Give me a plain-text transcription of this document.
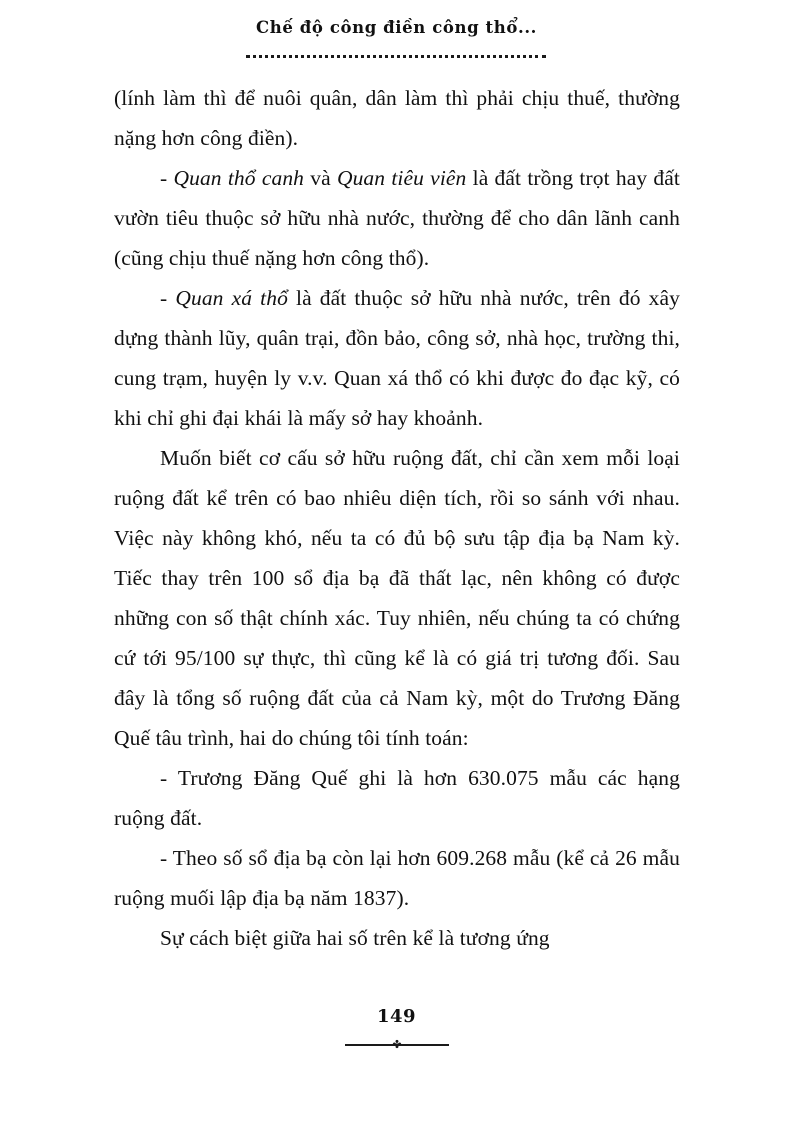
Chế độ công điền công thổ...

(lính làm thì để nuôi quân, dân làm thì phải chịu thuế, thường nặng hơn công điền).

- Quan thổ canh và Quan tiêu viên là đất trồng trọt hay đất vườn tiêu thuộc sở hữu nhà nước, thường để cho dân lãnh canh (cũng chịu thuế nặng hơn công thổ).

- Quan xá thổ là đất thuộc sở hữu nhà nước, trên đó xây dựng thành lũy, quân trại, đồn bảo, công sở, nhà học, trường thi, cung trạm, huyện ly v.v. Quan xá thổ có khi được đo đạc kỹ, có khi chỉ ghi đại khái là mấy sở hay khoảnh.

Muốn biết cơ cấu sở hữu ruộng đất, chỉ cần xem mỗi loại ruộng đất kể trên có bao nhiêu diện tích, rồi so sánh với nhau. Việc này không khó, nếu ta có đủ bộ sưu tập địa bạ Nam kỳ. Tiếc thay trên 100 sổ địa bạ đã thất lạc, nên không có được những con số thật chính xác. Tuy nhiên, nếu chúng ta có chứng cứ tới 95/100 sự thực, thì cũng kể là có giá trị tương đối. Sau đây là tổng số ruộng đất của cả Nam kỳ, một do Trương Đăng Quế tâu trình, hai do chúng tôi tính toán:

- Trương Đăng Quế ghi là hơn 630.075 mẫu các hạng ruộng đất.

- Theo số sổ địa bạ còn lại hơn 609.268 mẫu (kể cả 26 mẫu ruộng muối lập địa bạ năm 1837).

Sự cách biệt giữa hai số trên kể là tương ứng

149
✤
